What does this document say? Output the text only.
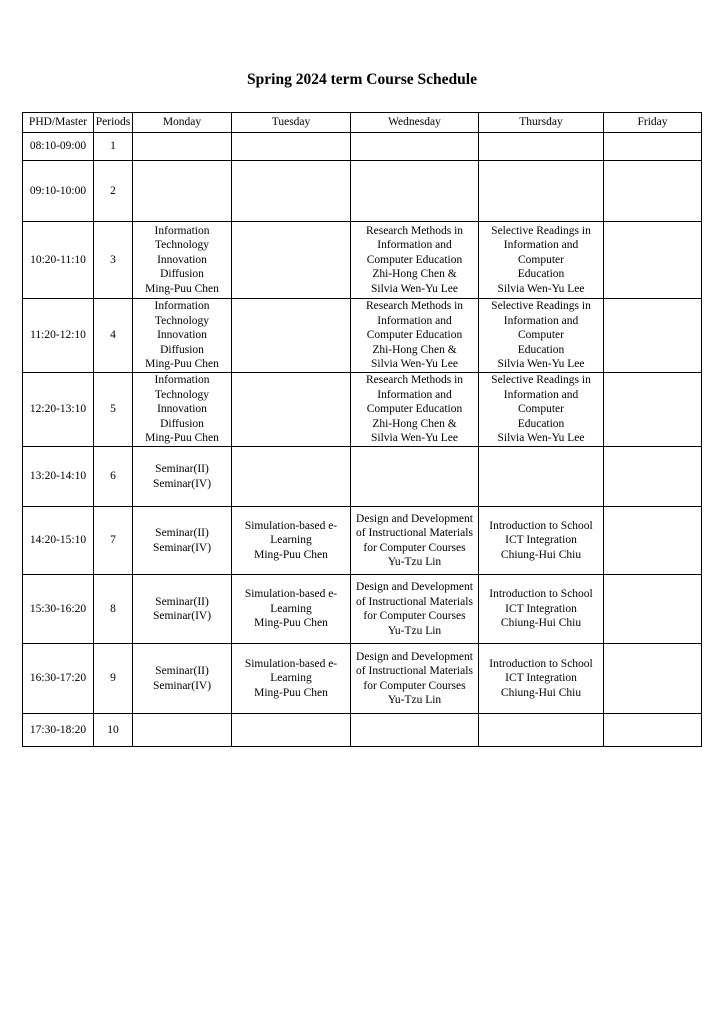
Spring 2024 term Course Schedule
PHD/Master	Periods	Monday	Tuesday	Wednesday	Thursday	Friday
08:10-09:00	1					
09:10-10:00	2					
10:20-11:10	3	Information
Technology
Innovation
Diffusion
Ming-Puu Chen		Research Methods in
Information and
Computer Education
Zhi-Hong Chen &
Silvia Wen-Yu Lee	Selective Readings in
Information and
Computer
Education
Silvia Wen-Yu Lee	

11:20-12:10	4	Information
Technology
Innovation
Diffusion
Ming-Puu Chen		Research Methods in
Information and
Computer Education
Zhi-Hong Chen &
Silvia Wen-Yu Lee	Selective Readings in
Information and
Computer
Education
Silvia Wen-Yu Lee	

12:20-13:10	5	Information
Technology
Innovation
Diffusion
Ming-Puu Chen		Research Methods in
Information and
Computer Education
Zhi-Hong Chen &
Silvia Wen-Yu Lee	Selective Readings in
Information and
Computer
Education
Silvia Wen-Yu Lee	

13:20-14:10	6	Seminar(II)
Seminar(IV)				

14:20-15:10	7	Seminar(II)
Seminar(IV)	Simulation-based e-
Learning
Ming-Puu Chen	Design and Development
of Instructional Materials
for Computer Courses
Yu-Tzu Lin	Introduction to School
ICT Integration
Chiung-Hui Chiu	

15:30-16:20	8	Seminar(II)
Seminar(IV)	Simulation-based e-
Learning
Ming-Puu Chen	Design and Development
of Instructional Materials
for Computer Courses
Yu-Tzu Lin	Introduction to School
ICT Integration
Chiung-Hui Chiu	

16:30-17:20	9	Seminar(II)
Seminar(IV)	Simulation-based e-
Learning
Ming-Puu Chen	Design and Development
of Instructional Materials
for Computer Courses
Yu-Tzu Lin	Introduction to School
ICT Integration
Chiung-Hui Chiu	

17:30-18:20	10					
